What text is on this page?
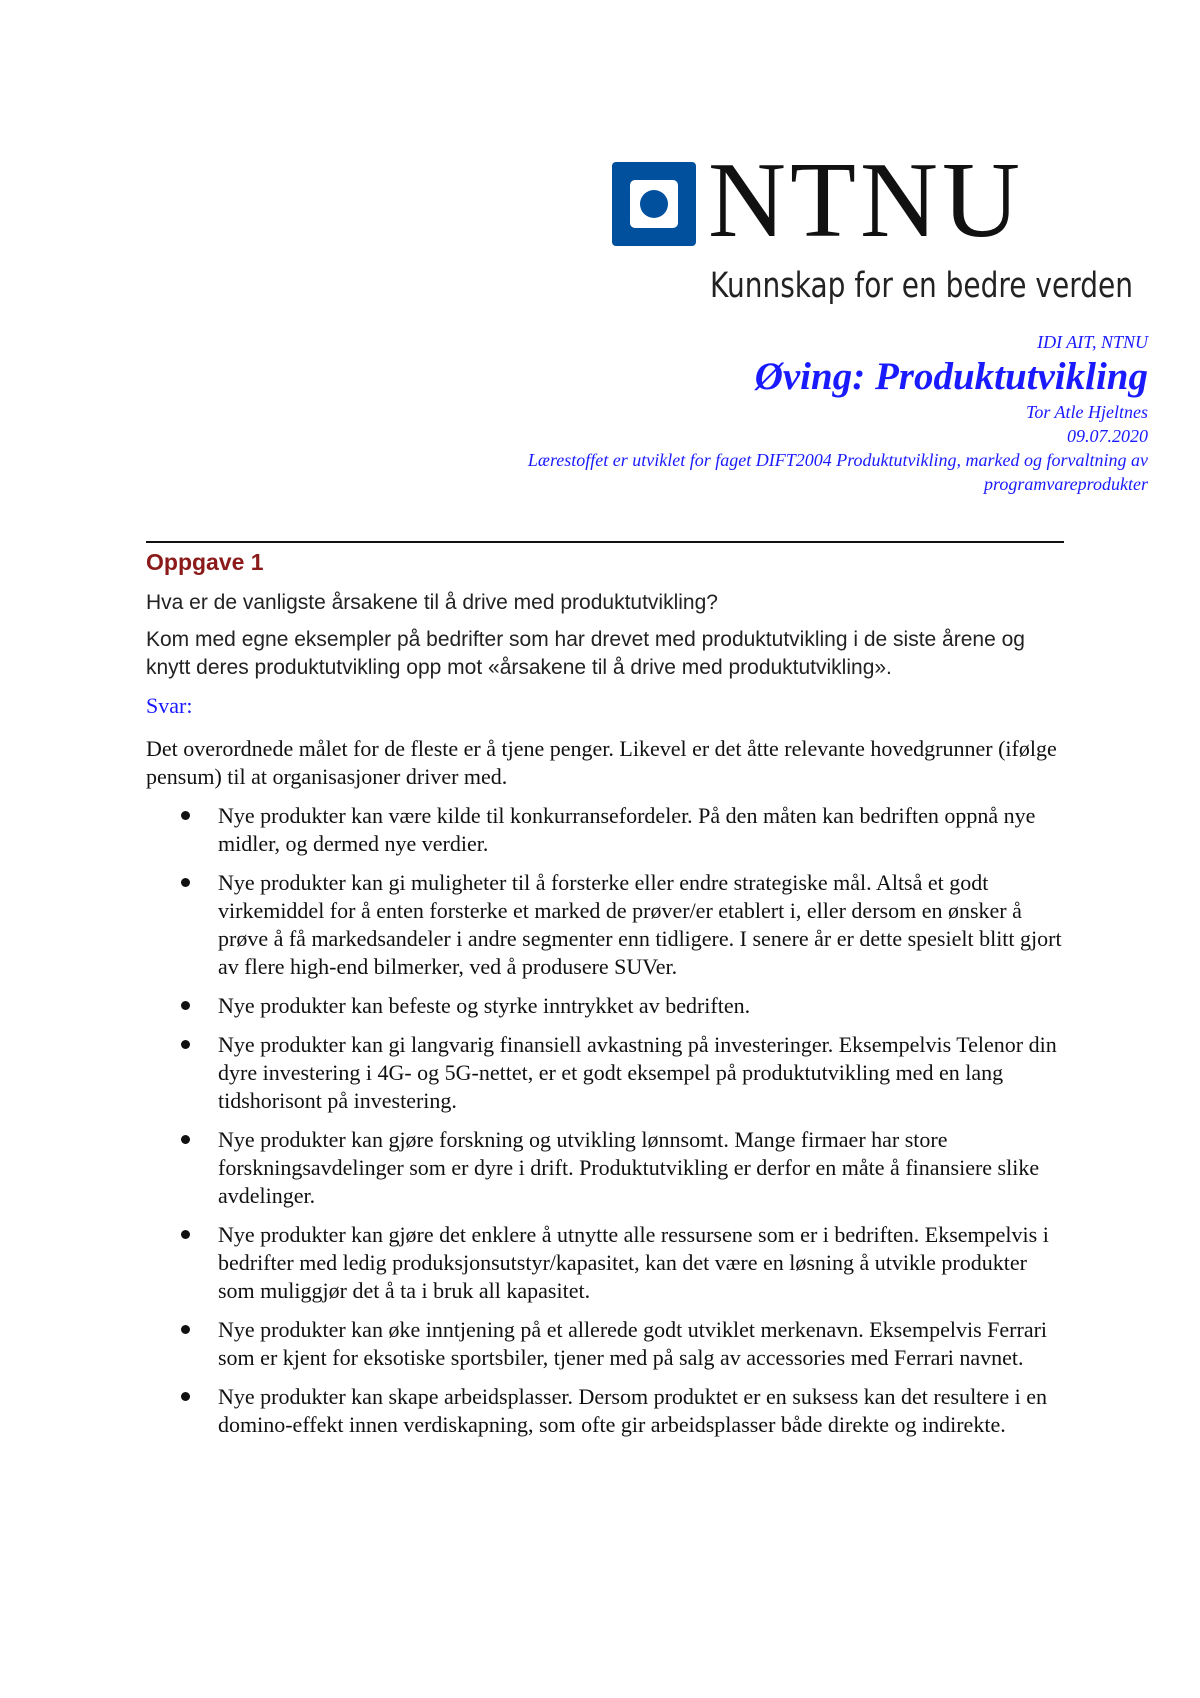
NTNU
Kunnskap for en bedre verden
IDI AIT, NTNU
Øving: Produktutvikling
Tor Atle Hjeltnes
09.07.2020
Lærestoffet er utviklet for faget DIFT2004 Produktutvikling, marked og forvaltning av
programvareprodukter
Oppgave 1

Hva er de vanligste årsakene til å drive med produktutvikling?

Kom med egne eksempler på bedrifter som har drevet med produktutvikling i de siste årene og knytt deres produktutvikling opp mot «årsakene til å drive med produktutvikling».

Svar:

Det overordnede målet for de fleste er å tjene penger. Likevel er det åtte relevante hovedgrunner (ifølge pensum) til at organisasjoner driver med.

Nye produkter kan være kilde til konkurransefordeler. På den måten kan bedriften oppnå nye midler, og dermed nye verdier.
Nye produkter kan gi muligheter til å forsterke eller endre strategiske mål. Altså et godt virkemiddel for å enten forsterke et marked de prøver/er etablert i, eller dersom en ønsker å prøve å få markedsandeler i andre segmenter enn tidligere. I senere år er dette spesielt blitt gjort av flere high-end bilmerker, ved å produsere SUVer.
Nye produkter kan befeste og styrke inntrykket av bedriften.
Nye produkter kan gi langvarig finansiell avkastning på investeringer. Eksempelvis Telenor din dyre investering i 4G- og 5G-nettet, er et godt eksempel på produktutvikling med en lang tidshorisont på investering.
Nye produkter kan gjøre forskning og utvikling lønnsomt. Mange firmaer har store forskningsavdelinger som er dyre i drift. Produktutvikling er derfor en måte å finansiere slike avdelinger.
Nye produkter kan gjøre det enklere å utnytte alle ressursene som er i bedriften. Eksempelvis i bedrifter med ledig produksjonsutstyr/kapasitet, kan det være en løsning å utvikle produkter som muliggjør det å ta i bruk all kapasitet.
Nye produkter kan øke inntjening på et allerede godt utviklet merkenavn. Eksempelvis Ferrari som er kjent for eksotiske sportsbiler, tjener med på salg av accessories med Ferrari navnet.
Nye produkter kan skape arbeidsplasser. Dersom produktet er en suksess kan det resultere i en domino-effekt innen verdiskapning, som ofte gir arbeidsplasser både direkte og indirekte.
